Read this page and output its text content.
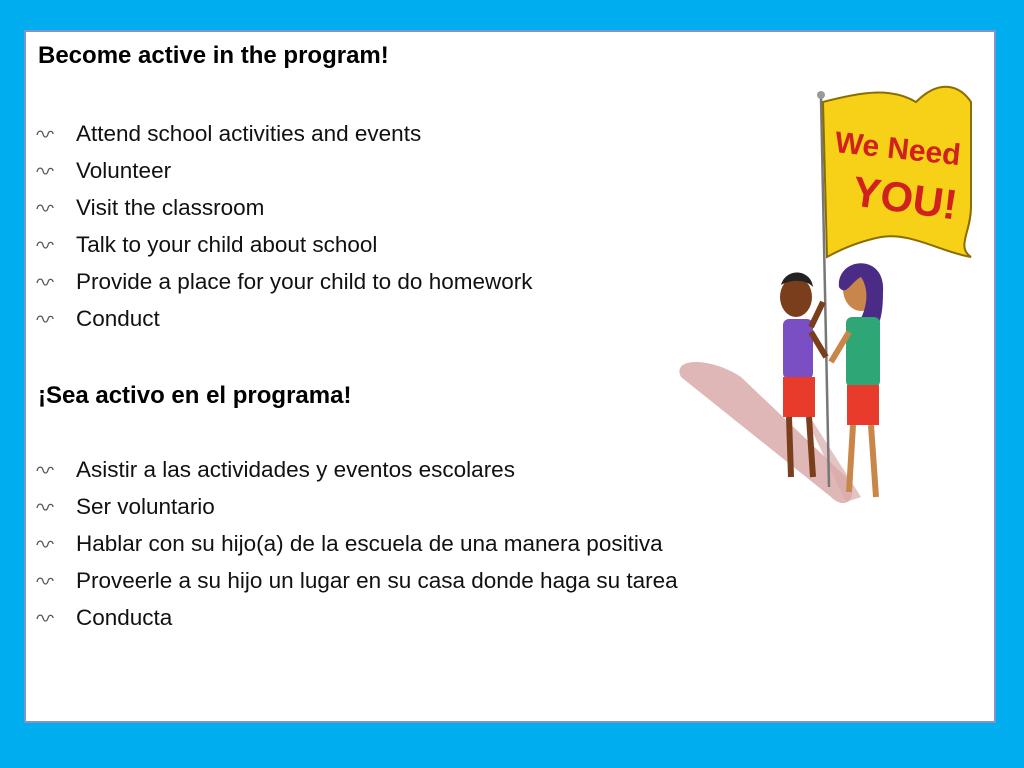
Become active in the program!
Attend school activities and events
Volunteer
Visit the classroom
Talk to your child about school
Provide a place for your child to do homework
Conduct
¡Sea activo en el programa!
Asistir a las actividades y eventos escolares
Ser voluntario
Hablar con su hijo(a) de la escuela de una manera positiva
Proveerle a su hijo un lugar en su casa donde haga su tarea
Conducta
We Need
YOU!
